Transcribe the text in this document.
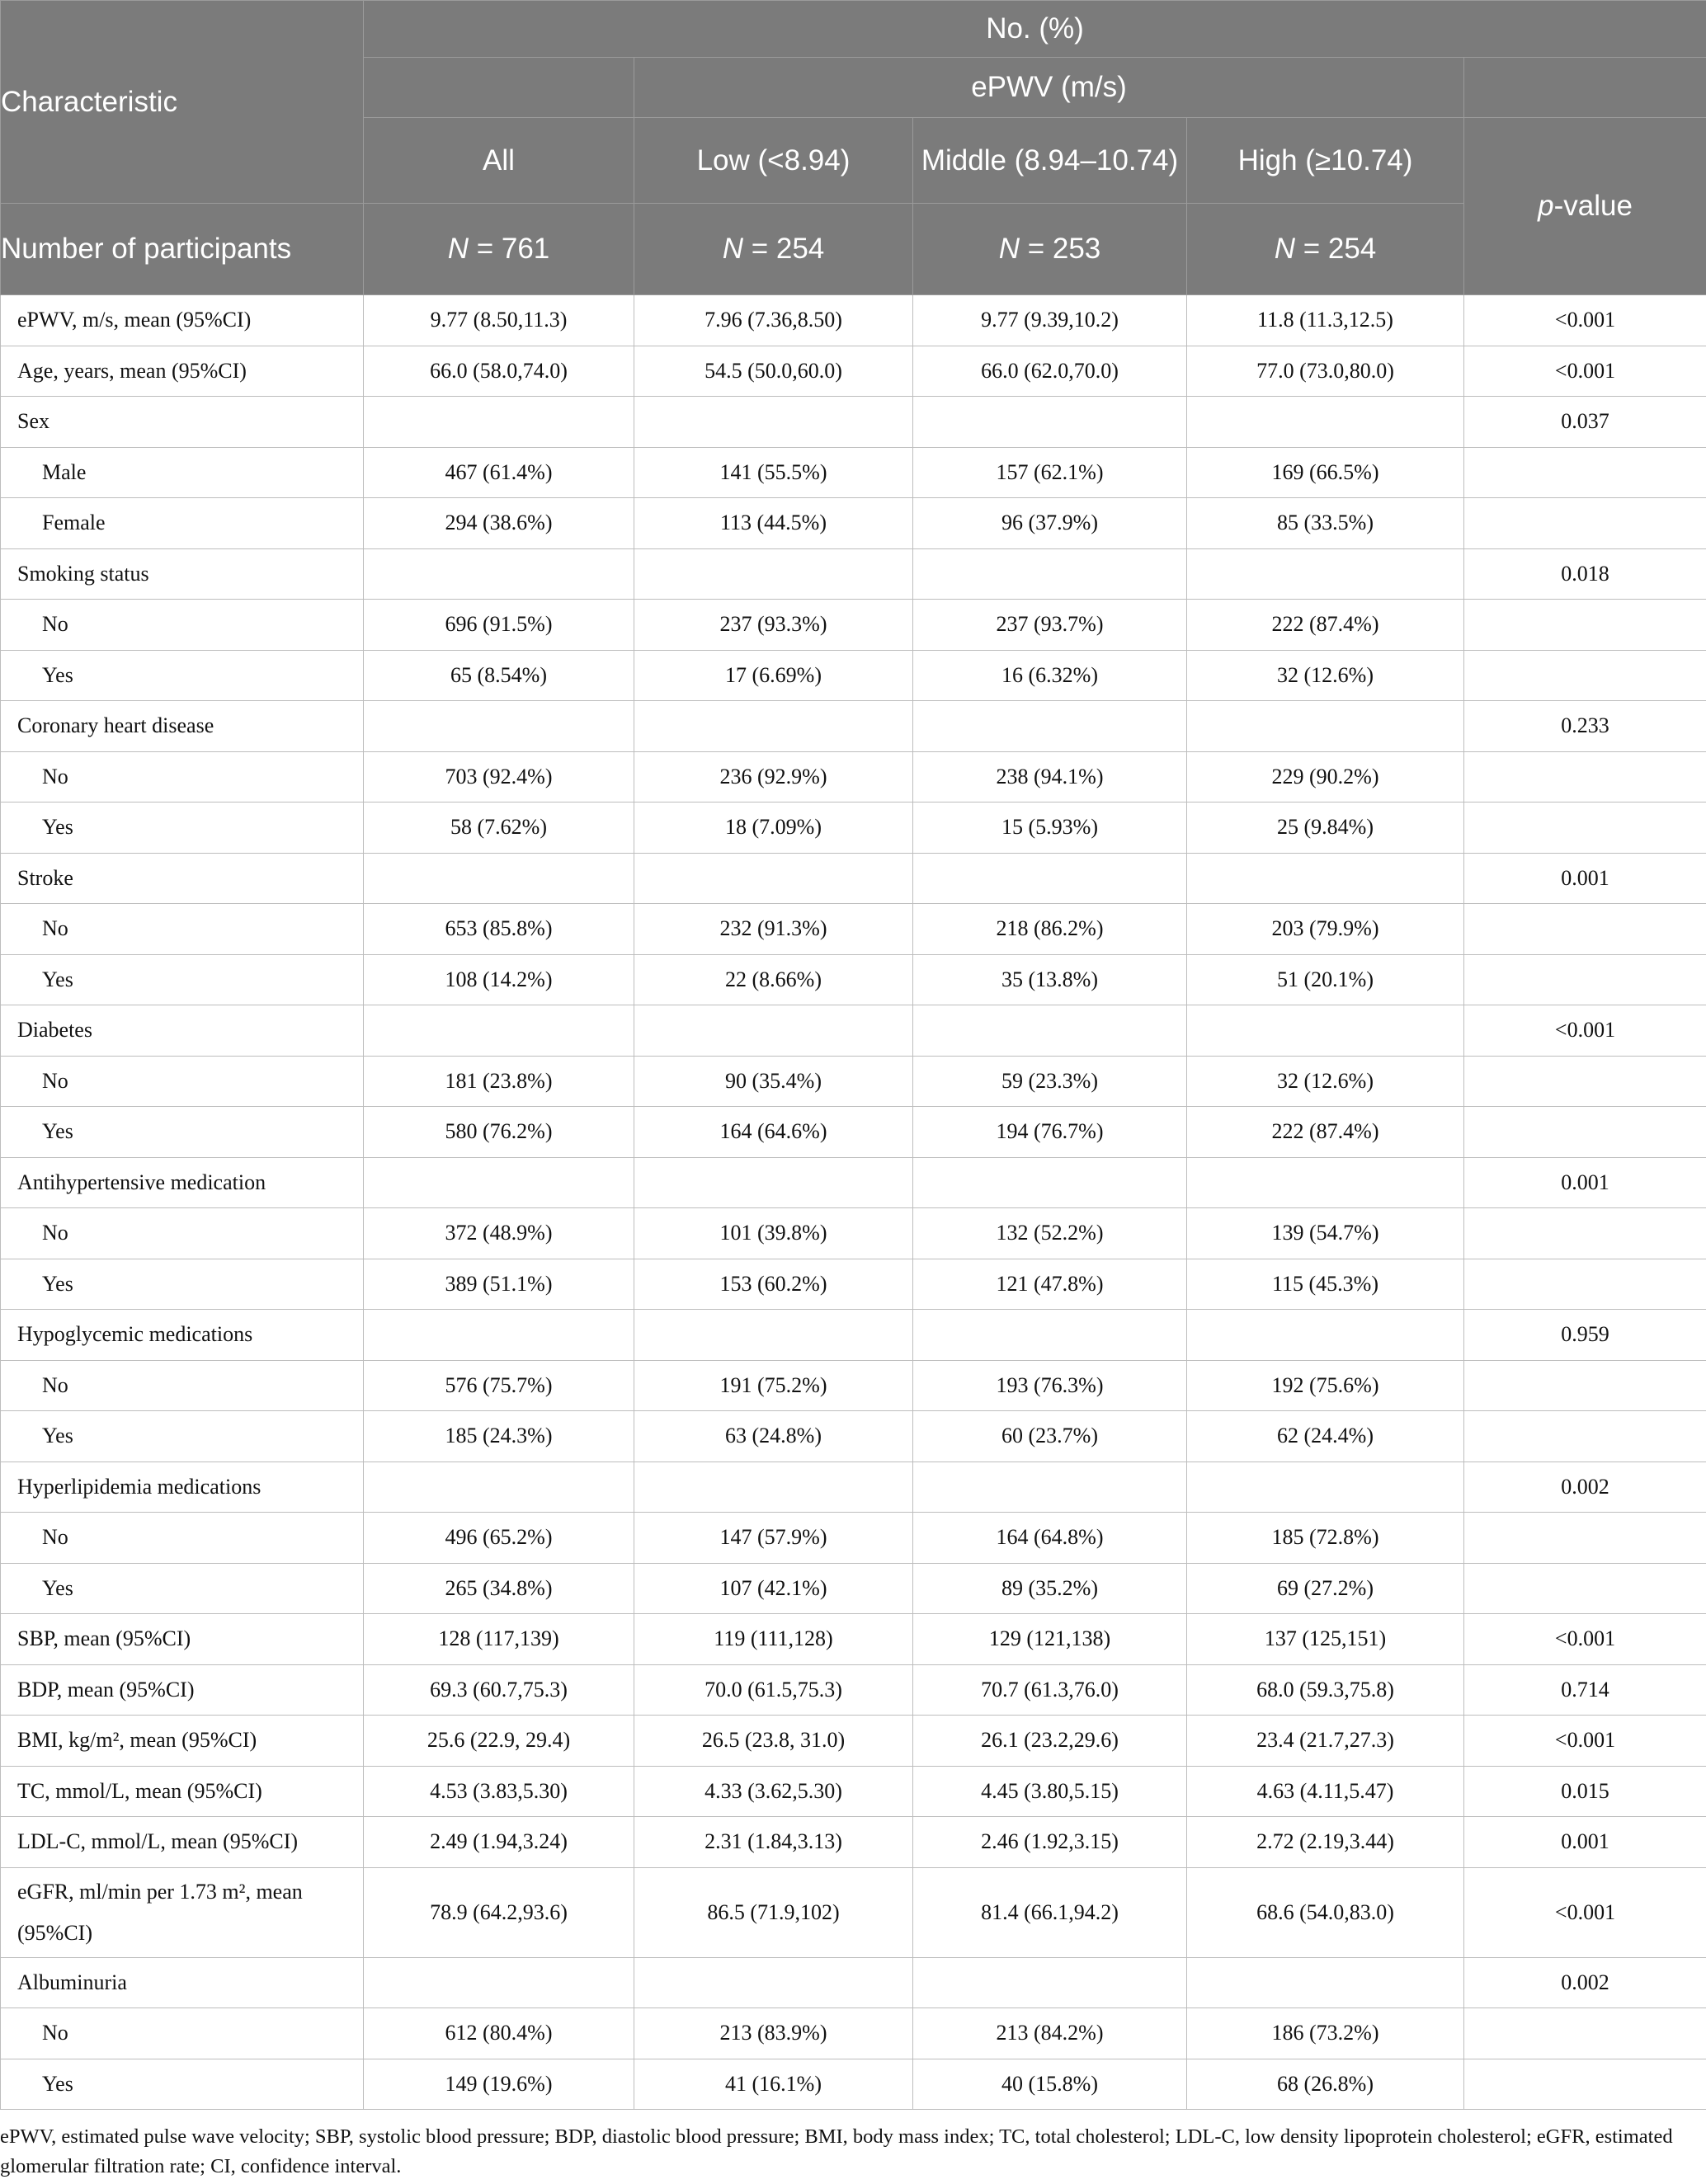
Characteristic	No. (%)				
		ePWV (m/s)			
	All	Low (<8.94)	Middle (8.94–10.74)	High (≥10.74)	p-value
Number of participants	N = 761	N = 254	N = 253	N = 254	
ePWV, m/s, mean (95%CI)	9.77 (8.50,11.3)	7.96 (7.36,8.50)	9.77 (9.39,10.2)	11.8 (11.3,12.5)	<0.001
Age, years, mean (95%CI)	66.0 (58.0,74.0)	54.5 (50.0,60.0)	66.0 (62.0,70.0)	77.0 (73.0,80.0)	<0.001
Sex					0.037
Male	467 (61.4%)	141 (55.5%)	157 (62.1%)	169 (66.5%)	
Female	294 (38.6%)	113 (44.5%)	96 (37.9%)	85 (33.5%)	
Smoking status					0.018
No	696 (91.5%)	237 (93.3%)	237 (93.7%)	222 (87.4%)	
Yes	65 (8.54%)	17 (6.69%)	16 (6.32%)	32 (12.6%)	
Coronary heart disease					0.233
No	703 (92.4%)	236 (92.9%)	238 (94.1%)	229 (90.2%)	
Yes	58 (7.62%)	18 (7.09%)	15 (5.93%)	25 (9.84%)	
Stroke					0.001
No	653 (85.8%)	232 (91.3%)	218 (86.2%)	203 (79.9%)	
Yes	108 (14.2%)	22 (8.66%)	35 (13.8%)	51 (20.1%)	
Diabetes					<0.001
No	181 (23.8%)	90 (35.4%)	59 (23.3%)	32 (12.6%)	
Yes	580 (76.2%)	164 (64.6%)	194 (76.7%)	222 (87.4%)	
Antihypertensive medication					0.001
No	372 (48.9%)	101 (39.8%)	132 (52.2%)	139 (54.7%)	
Yes	389 (51.1%)	153 (60.2%)	121 (47.8%)	115 (45.3%)	
Hypoglycemic medications					0.959
No	576 (75.7%)	191 (75.2%)	193 (76.3%)	192 (75.6%)	
Yes	185 (24.3%)	63 (24.8%)	60 (23.7%)	62 (24.4%)	
Hyperlipidemia medications					0.002
No	496 (65.2%)	147 (57.9%)	164 (64.8%)	185 (72.8%)	
Yes	265 (34.8%)	107 (42.1%)	89 (35.2%)	69 (27.2%)	
SBP, mean (95%CI)	128 (117,139)	119 (111,128)	129 (121,138)	137 (125,151)	<0.001
BDP, mean (95%CI)	69.3 (60.7,75.3)	70.0 (61.5,75.3)	70.7 (61.3,76.0)	68.0 (59.3,75.8)	0.714
BMI, kg/m², mean (95%CI)	25.6 (22.9, 29.4)	26.5 (23.8, 31.0)	26.1 (23.2,29.6)	23.4 (21.7,27.3)	<0.001
TC, mmol/L, mean (95%CI)	4.53 (3.83,5.30)	4.33 (3.62,5.30)	4.45 (3.80,5.15)	4.63 (4.11,5.47)	0.015
LDL-C, mmol/L, mean (95%CI)	2.49 (1.94,3.24)	2.31 (1.84,3.13)	2.46 (1.92,3.15)	2.72 (2.19,3.44)	0.001
eGFR, ml/min per 1.73 m², mean (95%CI)	78.9 (64.2,93.6)	86.5 (71.9,102)	81.4 (66.1,94.2)	68.6 (54.0,83.0)	<0.001
Albuminuria					0.002
No	612 (80.4%)	213 (83.9%)	213 (84.2%)	186 (73.2%)	
Yes	149 (19.6%)	41 (16.1%)	40 (15.8%)	68 (26.8%)	

ePWV, estimated pulse wave velocity; SBP, systolic blood pressure; BDP, diastolic blood pressure; BMI, body mass index; TC, total cholesterol; LDL-C, low density lipoprotein cholesterol; eGFR, estimated glomerular filtration rate; CI, confidence interval.
